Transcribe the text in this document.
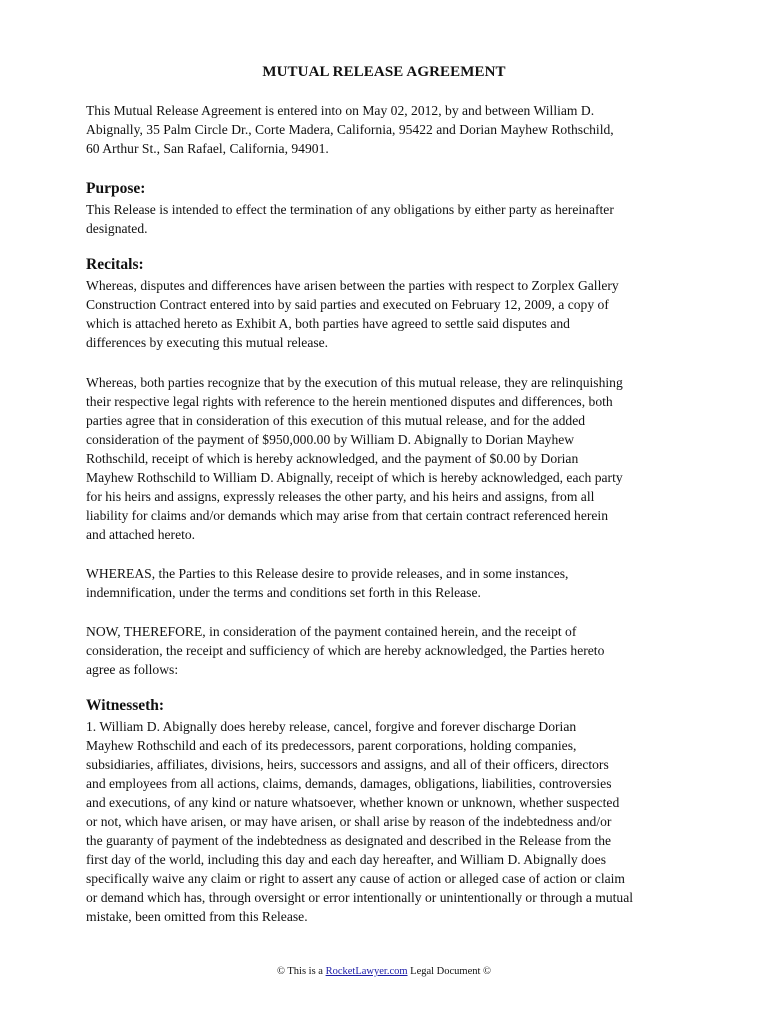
MUTUAL RELEASE AGREEMENT
This Mutual Release Agreement is entered into on May 02, 2012, by and between William D.
Abignally, 35 Palm Circle Dr., Corte Madera, California, 95422 and Dorian Mayhew Rothschild,
60 Arthur St., San Rafael, California, 94901.
Purpose:
This Release is intended to effect the termination of any obligations by either party as hereinafter
designated.
Recitals:
Whereas, disputes and differences have arisen between the parties with respect to Zorplex Gallery
Construction Contract entered into by said parties and executed on February 12, 2009, a copy of
which is attached hereto as Exhibit A, both parties have agreed to settle said disputes and
differences by executing this mutual release.
Whereas, both parties recognize that by the execution of this mutual release, they are relinquishing
their respective legal rights with reference to the herein mentioned disputes and differences, both
parties agree that in consideration of this execution of this mutual release, and for the added
consideration of the payment of $950,000.00 by William D. Abignally to Dorian Mayhew
Rothschild, receipt of which is hereby acknowledged, and the payment of $0.00 by Dorian
Mayhew Rothschild to William D. Abignally, receipt of which is hereby acknowledged, each party
for his heirs and assigns, expressly releases the other party, and his heirs and assigns, from all
liability for claims and/or demands which may arise from that certain contract referenced herein
and attached hereto.
WHEREAS, the Parties to this Release desire to provide releases, and in some instances,
indemnification, under the terms and conditions set forth in this Release.
NOW, THEREFORE, in consideration of the payment contained herein, and the receipt of
consideration, the receipt and sufficiency of which are hereby acknowledged, the Parties hereto
agree as follows:
Witnesseth:
1. William D. Abignally does hereby release, cancel, forgive and forever discharge Dorian
Mayhew Rothschild and each of its predecessors, parent corporations, holding companies,
subsidiaries, affiliates, divisions, heirs, successors and assigns, and all of their officers, directors
and employees from all actions, claims, demands, damages, obligations, liabilities, controversies
and executions, of any kind or nature whatsoever, whether known or unknown, whether suspected
or not, which have arisen, or may have arisen, or shall arise by reason of the indebtedness and/or
the guaranty of payment of the indebtedness as designated and described in the Release from the
first day of the world, including this day and each day hereafter, and William D. Abignally does
specifically waive any claim or right to assert any cause of action or alleged case of action or claim
or demand which has, through oversight or error intentionally or unintentionally or through a mutual
mistake, been omitted from this Release.
© This is a RocketLawyer.com Legal Document ©
